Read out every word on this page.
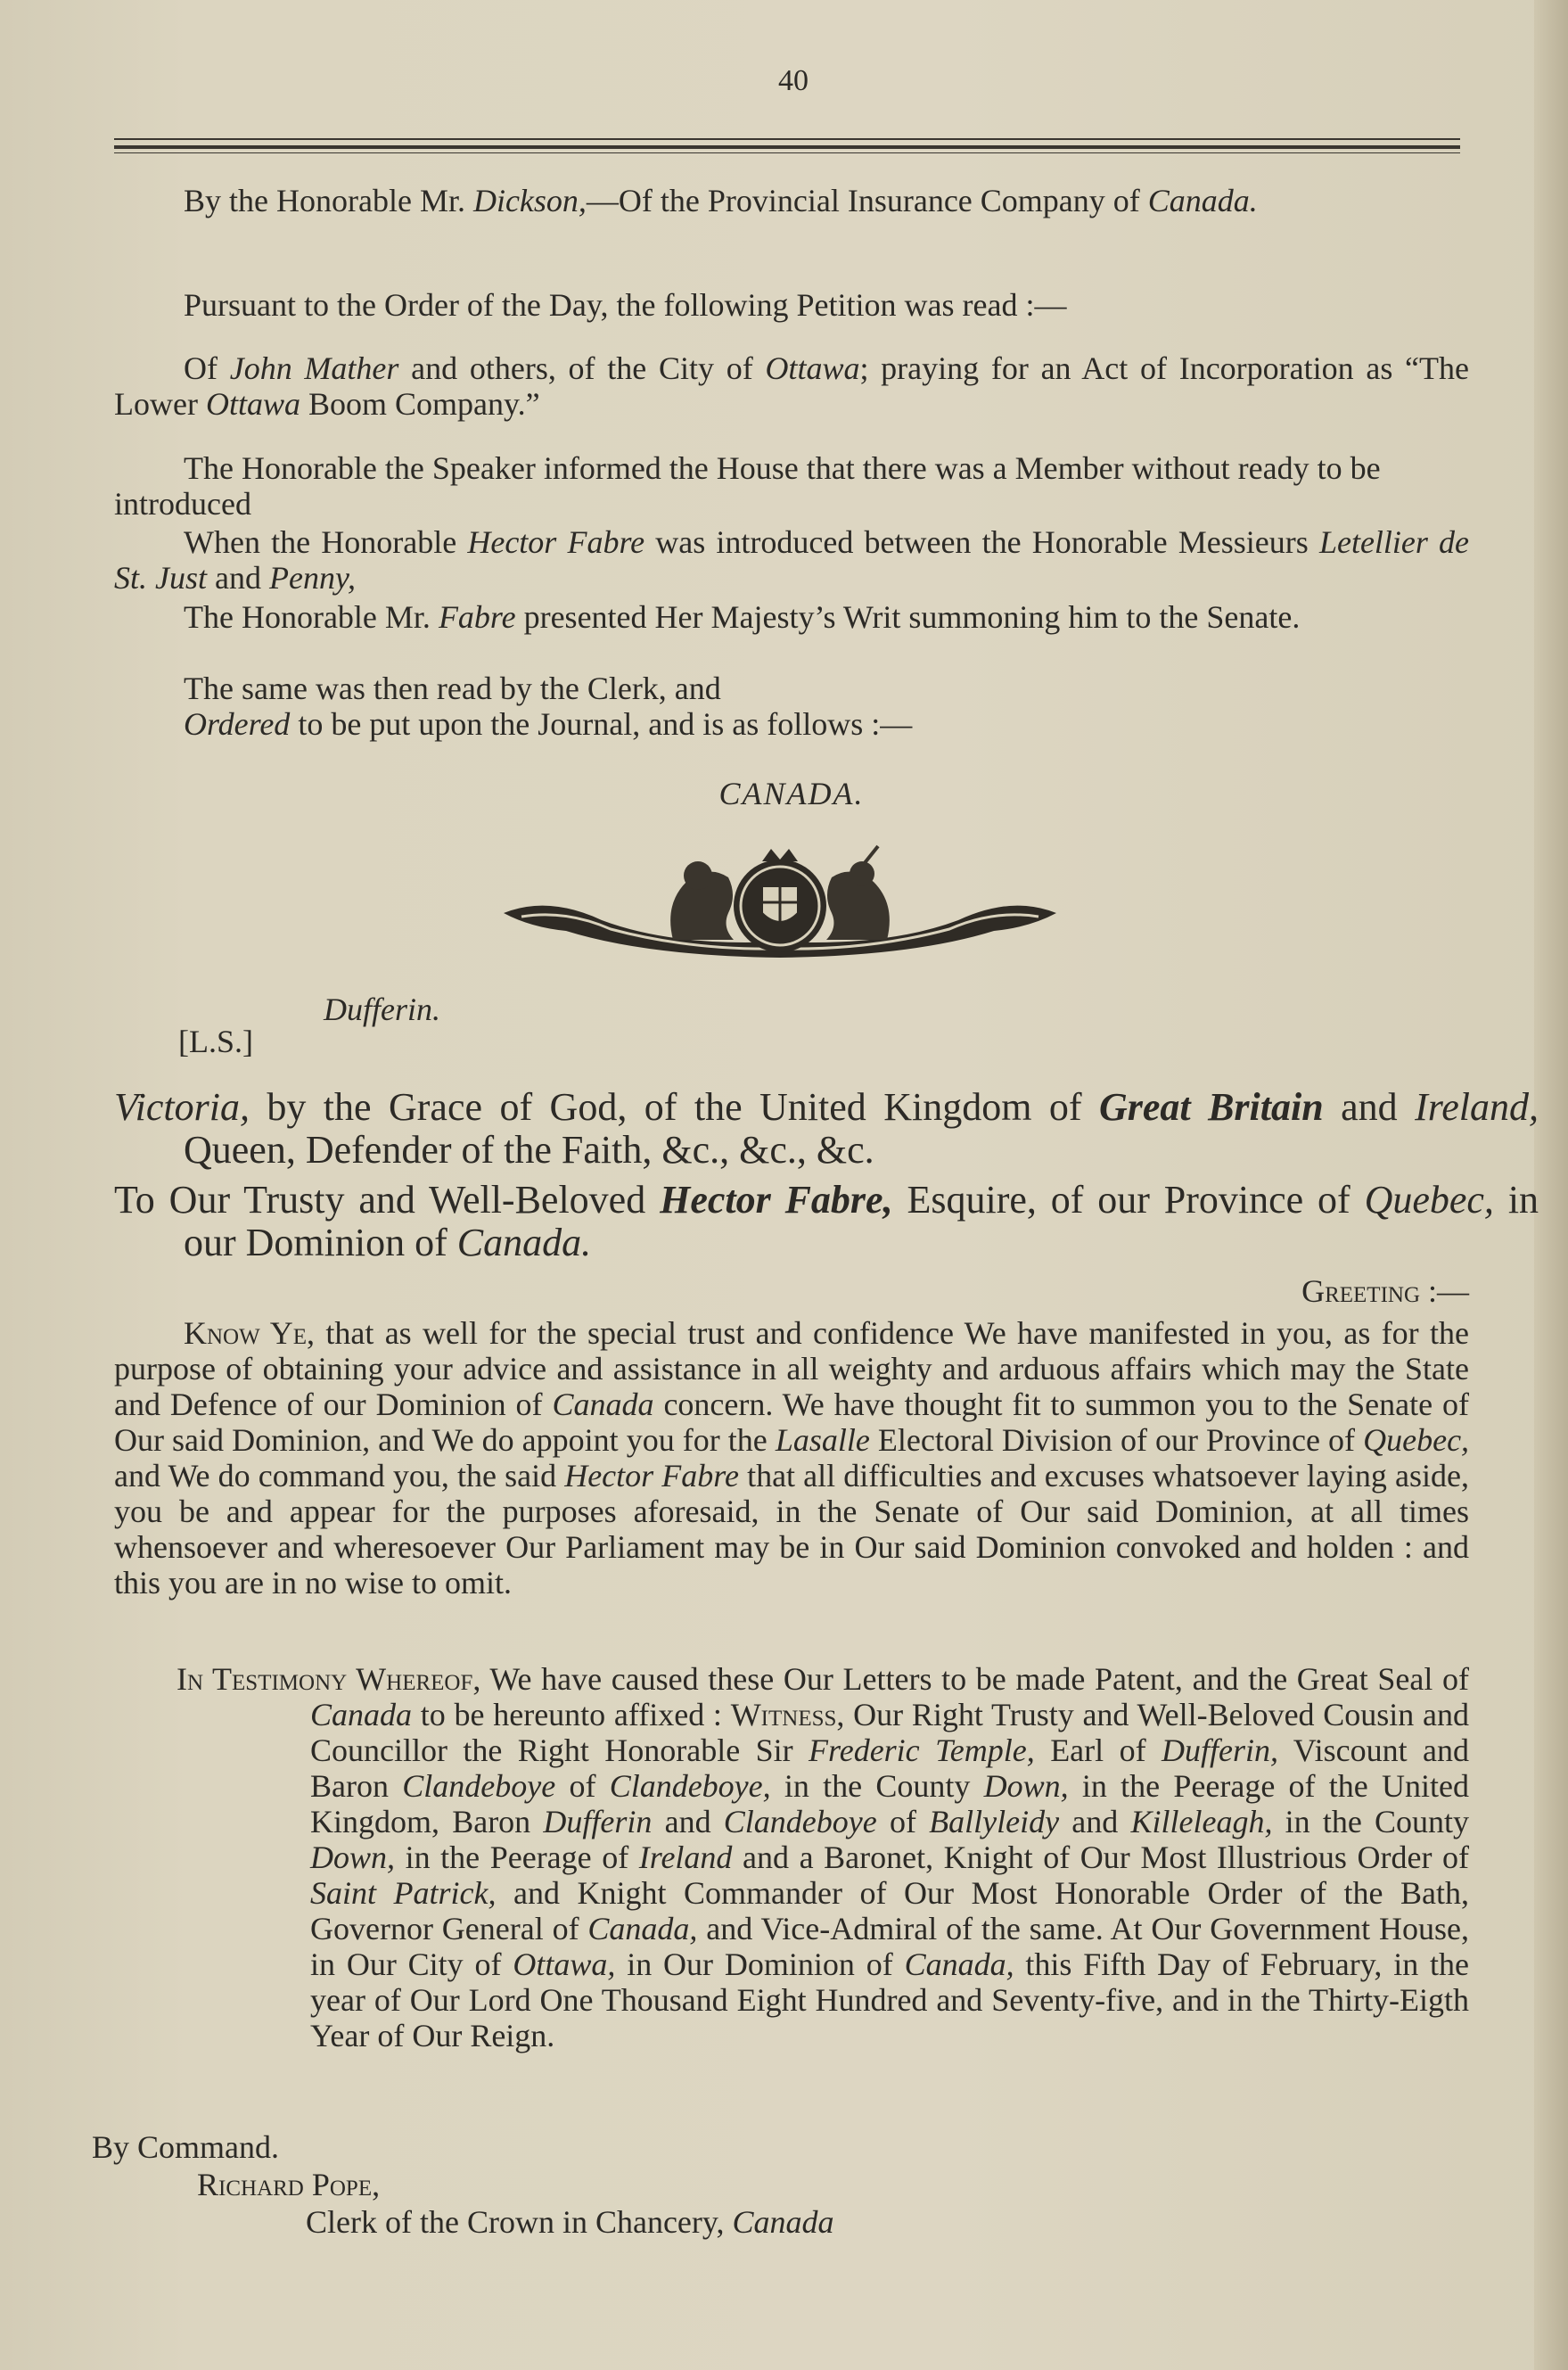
40

By the Honorable Mr. Dickson,—Of the Provincial Insurance Company of Canada.

Pursuant to the Order of the Day, the following Petition was read :—

Of John Mather and others, of the City of Ottawa; praying for an Act of Incorporation as “The Lower Ottawa Boom Company.”

The Honorable the Speaker informed the House that there was a Member without ready to be introduced

When the Honorable Hector Fabre was introduced between the Honorable Messieurs Letellier de St. Just and Penny,

The Honorable Mr. Fabre presented Her Majesty’s Writ summoning him to the Senate.

The same was then read by the Clerk, and

Ordered to be put upon the Journal, and is as follows :—

CANADA.

Dufferin.

[L.S.]

Victoria, by the Grace of God, of the United Kingdom of Great Britain and Ireland, Queen, Defender of the Faith, &c., &c., &c.

To Our Trusty and Well-Beloved Hector Fabre, Esquire, of our Province of Quebec, in our Dominion of Canada.

Greeting :—

Know Ye, that as well for the special trust and confidence We have manifested in you, as for the purpose of obtaining your advice and assistance in all weighty and arduous affairs which may the State and Defence of our Dominion of Canada concern. We have thought fit to summon you to the Senate of Our said Dominion, and We do appoint you for the Lasalle Electoral Division of our Province of Quebec, and We do command you, the said Hector Fabre that all difficulties and excuses whatsoever laying aside, you be and appear for the purposes aforesaid, in the Senate of Our said Dominion, at all times whensoever and wheresoever Our Parliament may be in Our said Dominion convoked and holden : and this you are in no wise to omit.

In Testimony Whereof, We have caused these Our Letters to be made Patent, and the Great Seal of Canada to be hereunto affixed : Witness, Our Right Trusty and Well-Beloved Cousin and Councillor the Right Honorable Sir Frederic Temple, Earl of Dufferin, Viscount and Baron Clandeboye of Clandeboye, in the County Down, in the Peerage of the United Kingdom, Baron Dufferin and Clandeboye of Ballyleidy and Killeleagh, in the County Down, in the Peerage of Ireland and a Baronet, Knight of Our Most Illustrious Order of Saint Patrick, and Knight Commander of Our Most Honorable Order of the Bath, Governor General of Canada, and Vice-Admiral of the same. At Our Government House, in Our City of Ottawa, in Our Dominion of Canada, this Fifth Day of February, in the year of Our Lord One Thousand Eight Hundred and Seventy-five, and in the Thirty-Eigth Year of Our Reign.

By Command.

Richard Pope,

Clerk of the Crown in Chancery, Canada
